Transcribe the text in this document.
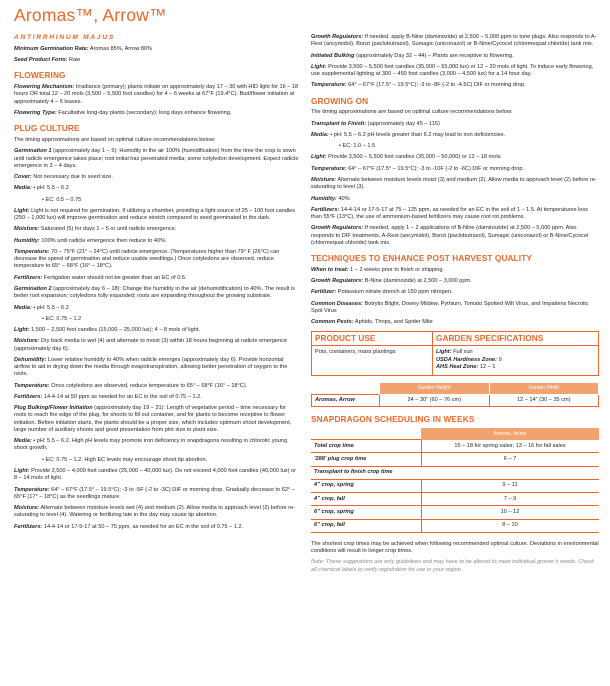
Aromas™, Arrow™
ANTIRRHINUM MAJUS

Minimum Germination Rate: Aromas 85%, Arrow 80%

Seed Product Form: Raw

FLOWERING

Flowering Mechanism: Irradiance (primary); plants initiate on approximately day 17 – 30 with HID light for 16 – 18 hours OR total 12 – 20 mols (3,500 – 5,500 foot candles) for 4 – 6 weeks at 67°F (19.4°C). Bud/flower initiation at approximately 4 – 6 leaves.

Flowering Type: Facultative long-day plants (secondary): long days enhance flowering.

PLUG CULTURE

The timing approximations are based on optimal culture recommendations below:

Germination 1 (approximately day 1 – 5): Humidity in the air 100% (humidification) from the time the crop is sown until radicle emergence takes place; root initial has penetrated media; some cotyledon development. Expect radicle emergence in 3 – 4 days.

Cover: Not necessary due to seed size.

Media: • pH: 5.5 – 6.2

• EC: 0.5 – 0.75

Light: Light is not required for germination. If utilizing a chamber, providing a light source of 25 – 100 foot candles (250 – 1,000 lux) will improve germination and reduce stretch compared to seed germinated in the dark.

Moisture: Saturated (5) for days 1 – 5 or until radicle emergence.

Humidity: 100% until radicle emergence then reduce to 40%.

Temperature: 70 – 75°F (21° – 24°C) until radicle emergence. (Temperatures higher than 79° F (26°C) can decrease the speed of germination and reduce usable seedlings.) Once cotyledons are observed, reduce temperature to 65° – 68°F (16° – 18°C).

Fertilizers: Fertigation water should not be greater than an EC of 0.5.

Germination 2 (approximately day 6 – 18): Change the humidity in the air (dehumidification) to 40%. The result is better root expansion; cotyledons fully expanded; roots are expanding throughout the growing substrate.

Media: • pH: 5.5 – 6.2

• EC: 0.75 – 1.2

Light: 1,500 – 2,500 foot candles (15,000 – 25,000 lux); 4 – 8 mols of light.

Moisture: Dry back media to wet (4) and alternate to moist (3) within 18 hours beginning at radicle emergence (approximately day 6).

Dehumidify: Lower relative humidity to 40% when radicle emerges (approximately day 6). Provide horizontal airflow to aid in drying down the media through evapotranspiration, allowing better penetration of oxygen to the roots.

Temperature: Once cotyledons are observed, reduce temperature to 65° – 68°F (16° – 18°C).

Fertilizers: 14-4-14 at 50 ppm as needed for an EC in the soil of 0.75 – 1.2.

Plug Bulking/Flower Initiation (approximately day 19 – 31): Length of vegetative period – time necessary for roots to reach the edge of the plug, for shoots to fill out container, and for plants to become receptive to flower initiation. Before initiation starts, the plants should be a proper size, which includes optimum shoot development, large number of auxiliary shoots and good presentation from plot size to plant size.

Media: • pH: 5.5 – 6.2. High pH levels may promote iron deficiency in snapdragons resulting in chlorotic young shoot growth.

• EC: 0.75 – 1.2. High EC levels may encourage shoot tip abortion.

Light: Provide 2,500 – 4,000 foot candles (25,000 – 40,000 lux). Do not exceed 4,000 foot candles (40,000 lux) or 8 – 14 mols of light.

Temperature: 64° – 67°F (17.5° – 19.5°C); -3 to -5F (-2 to -3C) DIF or morning drop. Gradually decrease to 62° – 65°F (17° – 18°C) as the seedlings mature.

Moisture: Alternate between moisture levels wet (4) and medium (2). Allow media to approach level (2) before re-saturating to level (4). Watering or fertilizing late in the day may cause tip abortion.

Fertilizers: 14-4-14 or 17-5-17 at 50 – 75 ppm, as needed for an EC in the soil of 0.75 – 1.2.

Growth Regulators: If needed, apply B-Nine (daminozide) at 2,500 – 5,000 ppm to tone plugs. Also responds to A-Rest (ancymidol), Bonzi (paclobutrazol), Sumagic (uniconazol) or B-Nine/Cycocel (chlormequat chloride) tank mix.

Initiated Bulking (approximately Day 32 – 44) – Plants are receptive to flowering.

Light: Provide 3,500 – 5,500 foot candles (35,000 – 55,000 lux) or 12 – 20 mols of light. To induce early flowering, use supplemental lighting at 300 – 450 foot candles (3,000 – 4,500 lux) for a 14 hour day.

Temperature: 64° – 67°F (17.5° – 19.5°C); -3 to -8F (-2 to -4.5C) DIF or morning drop.

GROWING ON

The timing approximations are based on optimal culture recommendations below:

Transplant to Finish: (approximately day 45 – 115)

Media: • pH: 5.5 – 6.2 pH levels greater than 6.2 may lead to iron deficiencies.

• EC: 1.0 – 1.5

Light: Provide 3,500 – 5,500 foot candles (35,000 – 50,000) or 12 – 18 mols.

Temperature: 64° – 67°F (17.5° – 19.5°C); -3 to -10F (-2 to -6C) DIF or morning drop.

Moisture: Alternate between moisture levels moist (3) and medium (2). Allow media to approach level (2) before re-saturating to level (3).

Humidity: 40%

Fertilizers: 14-4-14 or 17-5-17 at 75 – 125 ppm, as needed for an EC in the soil of 1 – 1.5. At temperatures less than 55°F (13°C), the use of ammonium-based fertilizers may cause root rot problems.

Growth Regulators: If needed, apply 1 – 2 applications of B-Nine (daminozide) at 2,500 – 5,000 ppm. Also responds to DIF treatments, A-Rest (ancymidol), Bonzi (paclobutrazol), Sumagic (uniconazol) or B-Nine/Cycocel (chlormequat chloride) tank mix.

TECHNIQUES TO ENHANCE POST HARVEST QUALITY

When to treat: 1 – 2 weeks prior to finish or shipping.

Growth Regulators: B-Nine (daminozide) at 2,500 – 3,000 ppm.

Fertilizer: Potassium nitrate drench at 150 ppm nitrogen.

Common Diseases: Botrytis Blight, Downy Mildew, Pythium, Tomato Spotted Wilt Virus, and Impatiens Necrotic Spot Virus

Common Pests: Aphids, Thrips, and Spider Mite

PRODUCT USE
Pots, containers, mass plantings
GARDEN SPECIFICATIONS
Light: Full sun
USDA Hardiness Zone: 9
AHS Heat Zone: 12 – 1
	Garden Height	Garden Width
Aromas, Arrow	24 – 30" (60 – 76 cm)	12 – 14" (30 – 35 cm)
SNAPDRAGON SCHEDULING IN WEEKS
	Aromas, Arrow
Total crop time	15 – 18 for spring sales; 13 – 16 for fall sales
’288’ plug crop time	6 – 7
Transplant to finish crop time	
4” crop, spring	9 – 11
4” crop, fall	7 – 9
6” crop, spring	10 – 12
6” crop, fall	8 – 10

The shortest crop times may be achieved when following recommended optimal culture. Deviations in environmental conditions will result in longer crop times.

Note: These suggestions are only guidelines and may have to be altered to meet individual grower’s needs. Check all chemical labels to verify registration for use in your region.
